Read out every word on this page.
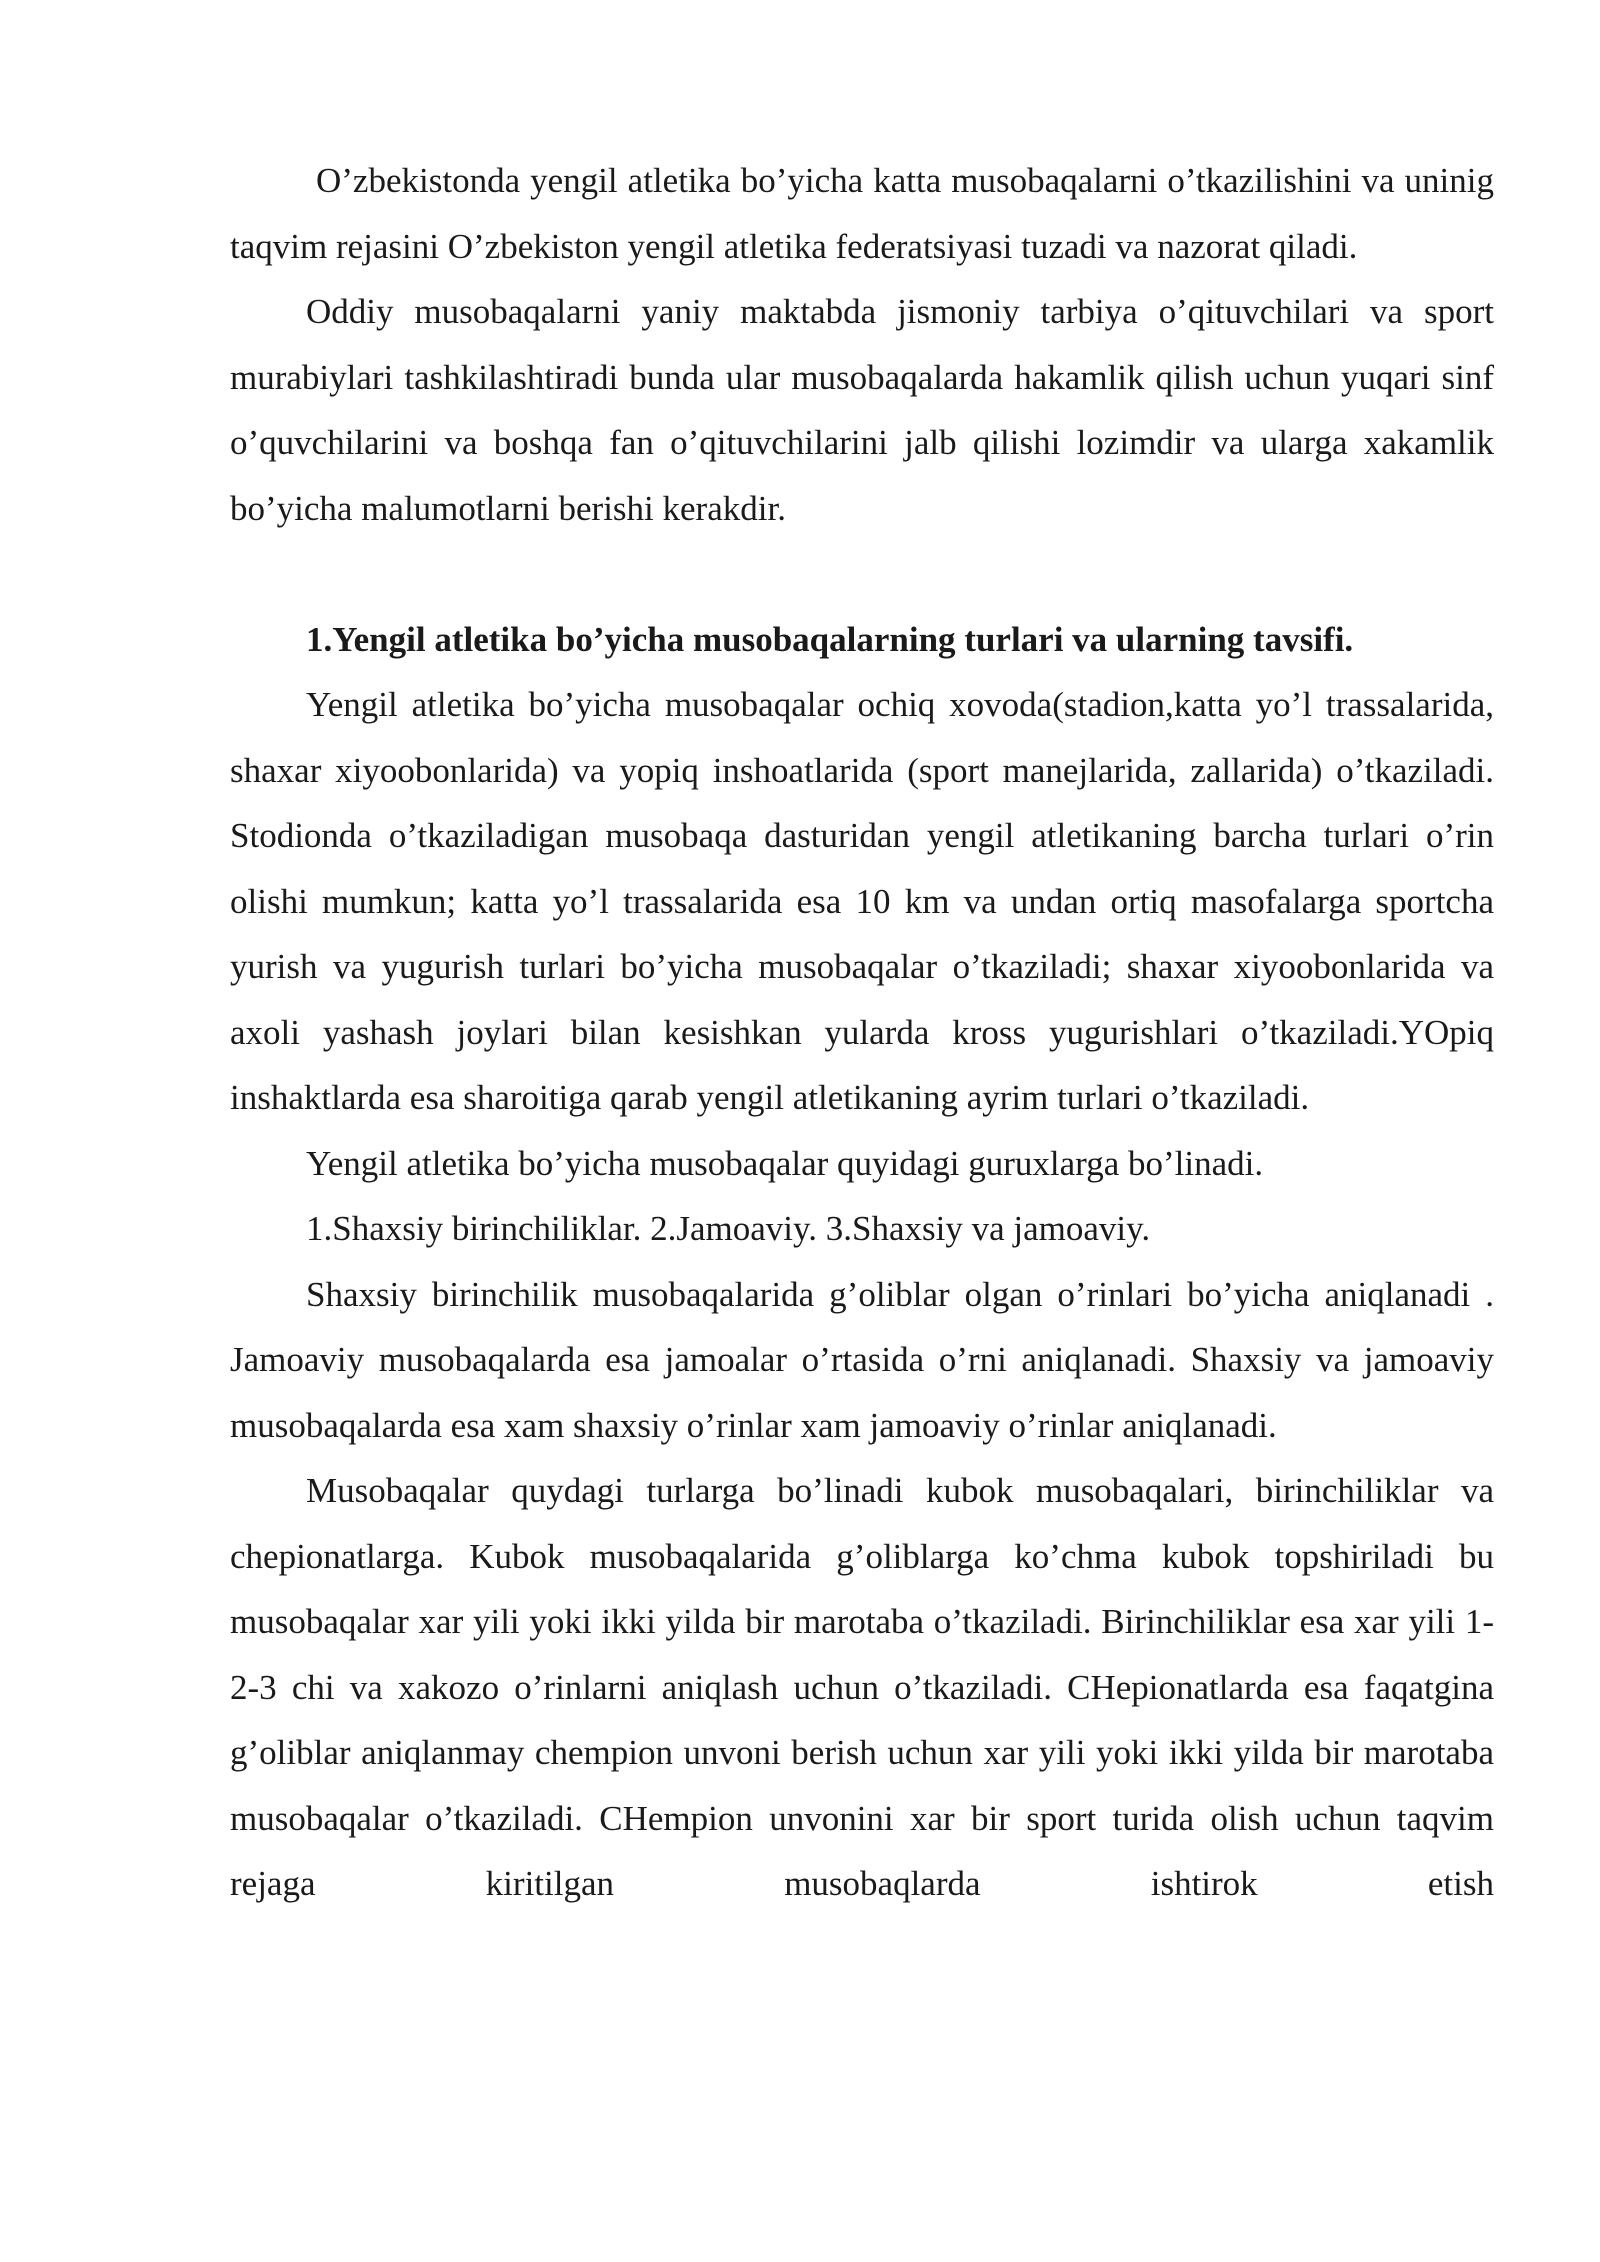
O’zbekistonda yengil atletika bo’yicha katta musobaqalarni o’tkazilishini va uninig taqvim rejasini O’zbekiston yengil atletika federatsiyasi tuzadi va nazorat qiladi.

Oddiy musobaqalarni yaniy maktabda jismoniy tarbiya o’qituvchilari va sport murabiylari tashkilashtiradi bunda ular musobaqalarda hakamlik qilish uchun yuqari sinf o’quvchilarini va boshqa fan o’qituvchilarini jalb qilishi lozimdir va ularga xakamlik bo’yicha malumotlarni berishi kerakdir.

1.Yengil atletika bo’yicha musobaqalarning turlari va ularning tavsifi.

Yengil atletika bo’yicha musobaqalar ochiq xovoda(stadion,katta yo’l trassalarida, shaxar xiyoobonlarida) va yopiq inshoatlarida (sport manejlarida, zallarida) o’tkaziladi. Stodionda o’tkaziladigan musobaqa dasturidan yengil atletikaning barcha turlari o’rin olishi mumkun; katta yo’l trassalarida esa 10 km va undan ortiq masofalarga sportcha yurish va yugurish turlari bo’yicha musobaqalar o’tkaziladi; shaxar xiyoobonlarida va axoli yashash joylari bilan kesishkan yularda kross yugurishlari o’tkaziladi.YOpiq inshaktlarda esa sharoitiga qarab yengil atletikaning ayrim turlari o’tkaziladi.

Yengil atletika bo’yicha musobaqalar quyidagi guruxlarga bo’linadi.

1.Shaxsiy birinchiliklar. 2.Jamoaviy. 3.Shaxsiy va jamoaviy.

Shaxsiy birinchilik musobaqalarida g’oliblar olgan o’rinlari bo’yicha aniqlanadi . Jamoaviy musobaqalarda esa jamoalar o’rtasida o’rni aniqlanadi. Shaxsiy va jamoaviy musobaqalarda esa xam shaxsiy o’rinlar xam jamoaviy o’rinlar aniqlanadi.

Musobaqalar quydagi turlarga bo’linadi kubok musobaqalari, birinchiliklar va chepionatlarga. Kubok musobaqalarida g’oliblarga ko’chma kubok topshiriladi bu musobaqalar xar yili yoki ikki yilda bir marotaba o’tkaziladi. Birinchiliklar esa xar yili 1-2-3 chi va xakozo o’rinlarni aniqlash uchun o’tkaziladi. CHepionatlarda esa faqatgina g’oliblar aniqlanmay chempion unvoni berish uchun xar yili yoki ikki yilda bir marotaba musobaqalar o’tkaziladi. CHempion unvonini xar bir sport turida olish uchun taqvim rejaga kiritilgan musobaqlarda ishtirok etish
